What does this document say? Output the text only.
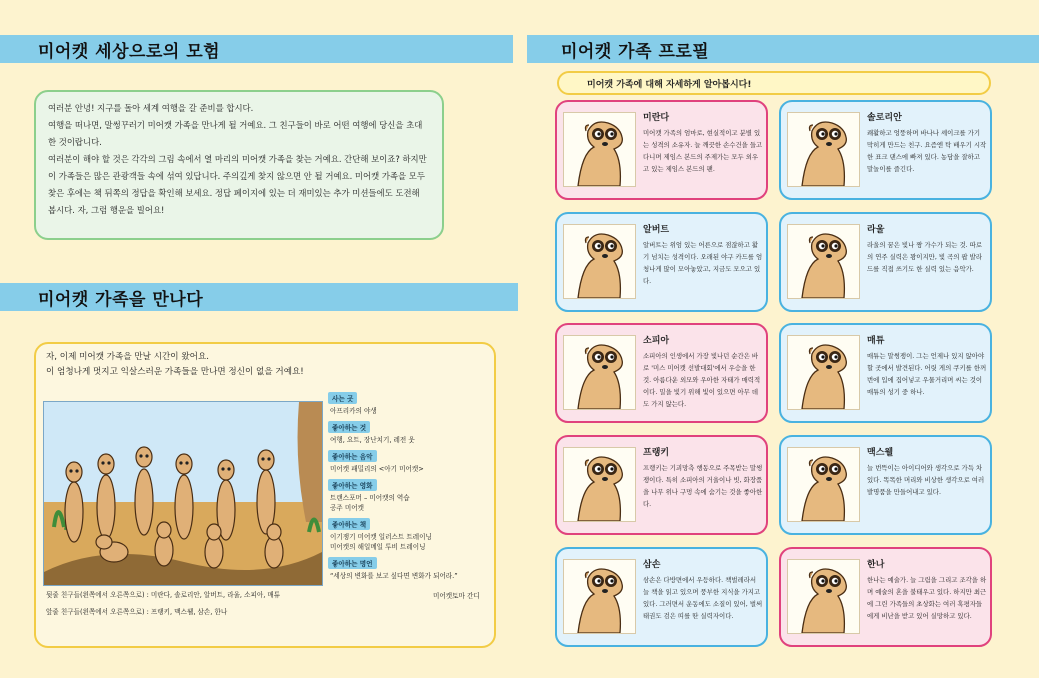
미어캣 세상으로의 모험

여러분 안녕! 지구를 돌아 세계 여행을 갈 준비를 합시다.

여행을 떠나면, 말썽꾸러기 미어캣 가족을 만나게 될 거예요. 그 친구들이 바로 어떤 여행에 당신을 초대한 것이랍니다.

여러분이 해야 할 것은 각각의 그림 속에서 열 마리의 미어캣 가족을 찾는 거예요. 간단해 보이죠? 하지만 이 가족들은 많은 관광객들 속에 섞여 있답니다. 주의깊게 찾지 않으면 안 될 거예요. 미어캣 가족을 모두 찾은 후에는 책 뒤쪽의 정답을 확인해 보세요. 정답 페이지에 있는 더 재미있는 추가 미션들에도 도전해 봅시다. 자, 그럼 행운을 빌어요!

미어캣 가족을 만나다
자, 이제 미어캣 가족을 만날 시간이 왔어요.
이 엄청나게 멋지고 익살스러운 가족들을 만나면 정신이 없을 거예요!
사는 곳
아프리카의 야생
좋아하는 것
여행, 요트, 장난치기, 레전 웃
좋아하는 음악
미어캣 패밀리의 <아기 미어캣>
좋아하는 영화
트랜스포머 – 미어캣의 역습
공주 미어캣
좋아하는 책
이기쟁기 미어캣 일러스트 트레이닝
미어캣의 해일메일 투비 트레이닝
좋아하는 명언
“세상의 변화를 보고 싶다면 변화가 되어라.”
미어캣토마 간디
뒷줄 친구들(왼쪽에서 오른쪽으로) : 미란다, 솔로리안, 알버트, 라울, 소피아, 매튜
앞줄 친구들(왼쪽에서 오른쪽으로) : 프랭키, 맥스웰, 삼손, 한나
미어캣 가족 프로필
미어캣 가족에 대해 자세하게 알아봅시다!
미란다
미어캣 가족의 엄마로, 현실적이고 분별 있는 성격의 소유자. 늘 깨끗한 손수건을 들고 다니며 제임스 본드의 주제가는 모두 외우고 있는 제임스 본드의 팬.
솔로리안
쾌활하고 엉뚱하며 바나나 셰이크를 가기 막히게 만드는 친구. 요즘엔 탁 배우기 시작한 표크 댄스에 빠져 있다. 농담을 잘하고 말놀이를 즐긴다.
알버트
알버트는 위엄 있는 어른으로 점잖하고 활기 넘치는 성격이다. 오래된 야구 카드를 엄청나게 많이 모아놓았고, 지금도 모으고 있다.
라울
라울의 꿈은 빛나 짱 가수가 되는 것. 따로의 연주 실력은 꽝이지만, 빛 곡의 팝 발라드를 직접 쓰기도 한 실력 있는 음악가.
소피아
소피아의 인생에서 가장 빛나던 순간은 바로 '미스 미어캣 선발대회'에서 우승을 한 것. 아름다운 외모와 우아한 자태가 매력적이다. 밀을 빛기 위해 빛이 있으면 아무 데도 가지 않는다.
매튜
매튜는 말썽쟁이. 그는 언제나 있지 않아야 할 곳에서 발견된다. 어릿 게의 쿠키를 한꺼번에 입에 집어넣고 우물거리며 씨는 것이 매튜의 성기 중 하나.
프랭키
프랭키는 기괴망측 행동으로 주목받는 말썽쟁이다. 특히 소피아의 거울이나 빗, 화장품을 나무 위나 구멍 속에 숨기는 것을 좋아한다.
맥스웰
늘 번뜩이는 아이디어와 생각으로 가득 차 있다. 똑똑한 머리와 비상한 생각으로 여러 발명품을 만들어내고 있다.
삼손
삼손은 다방면에서 우등하다. 책벌레라서 늘 책을 읽고 있으며 풍부한 지식을 가지고 있다. 그러면서 운동에도 소질이 있어, 벌써 태권도 검은 띠를 딴 실력자이다.
한나
한나는 예술가. 늘 그림을 그리고 조각을 하며 예술의 혼을 불태우고 있다. 하지만 최근에 그린 가족들의 초상화는 여러 혹평자들에게 비난을 받고 있어 실망하고 있다.
